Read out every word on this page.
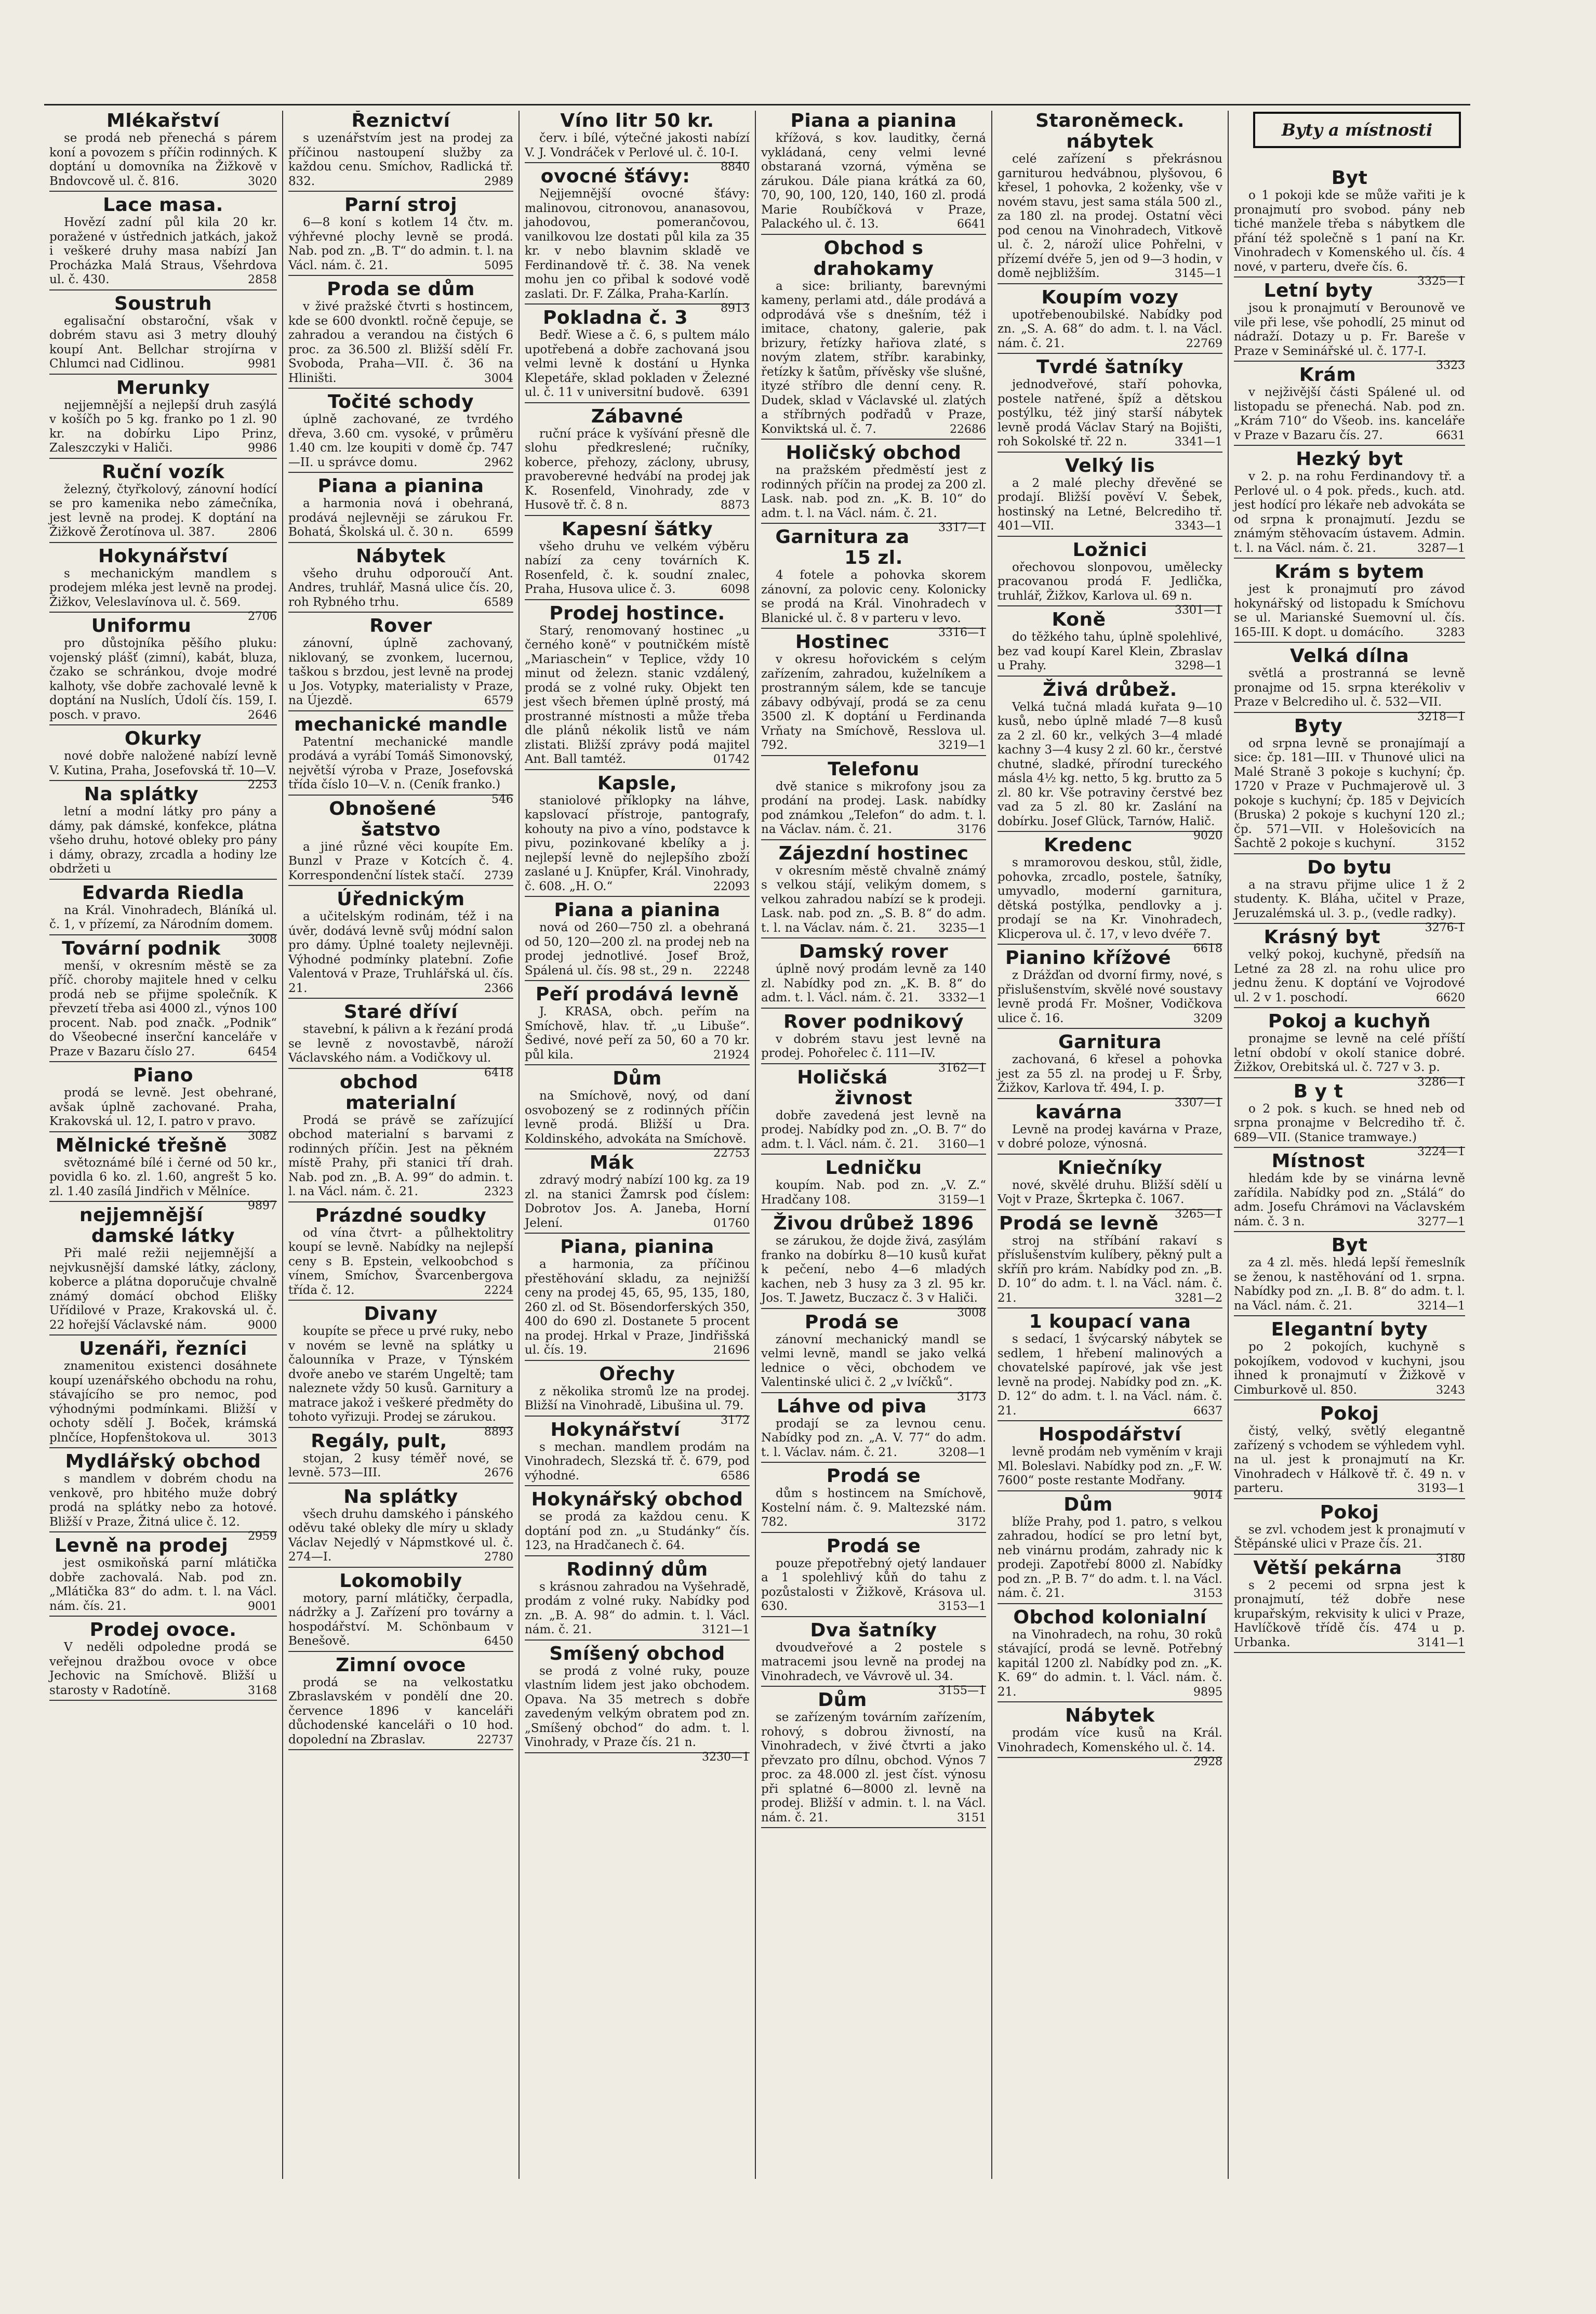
Mlékařství

se prodá neb přenechá s párem koní a povozem s příčin rodinných. K doptání u domovníka na Žižkově v Bndovcově ul. č. 816.	3020

Lace masa.

Hovězí zadní půl kila 20 kr. poražené v ústřednich jatkách, jakož i veškeré druhy masa nabízí Jan Procházka Malá Straus, Všehrdova ul. č. 430.	2858

Soustruh

egalisační obstaroční, však v dobrém stavu asi 3 metry dlouhý koupí Ant. Bellchar strojírna v Chlumci nad Cidlinou.	9981

Merunky

nejjemnější a nejlepší druh zasýlá v košíčh po 5 kg. franko po 1 zl. 90 kr. na dobírku Lipo Prinz, Zaleszczyki v Haliči.	9986

Ruční vozík

železný, čtyřkolový, zánovní hodící se pro kamenika nebo zámečníka, jest levně na prodej. K doptání na Žižkově Žerotínova ul. 387.	2806

Hokynářství

s mechanickým mandlem s prodejem mléka jest levně na prodej. Žižkov, Veleslavínova ul. č. 569.
2706

Uniformu

pro důstojníka pěšího pluku: vojenský plášť (zimní), kabát, bluza, čzako se schránkou, dvoje modré kalhoty, vše dobře zachovalé levně k doptání na Nuslích, Údolí čís. 159, I. posch. v pravo.	2646

Okurky

nové dobře naložené nabízí levně V. Kutina, Praha, Josefovská tř. 10—V.
2253

Na splátky

letní a modní látky pro pány a dámy, pak dámské, konfekce, plátna všeho druhu, hotové obleky pro pány i dámy, obrazy, zrcadla a hodiny lze obdržeti u

Edvarda Riedla

na Král. Vinohradech, Bláníká ul. č. 1, v přízemí, za Národním domem.
3008

Tovární podnik

menší, v okresním městě se za příč. choroby majitele hned v celku prodá neb se přijme společník. K převzetí třeba asi 4000 zl., výnos 100 procent. Nab. pod značk. „Podnik“ do Všeobecné inserční kanceláře v Praze v Bazaru číslo 27.	6454

Piano

prodá se levně. Jest obehrané, avšak úplně zachované. Praha, Krakovská ul. 12, I. patro v pravo.
3082

Mělnické třešně

světoznámé bílé i černé od 50 kr., povidla 6 ko. zl. 1.60, angrešt 5 ko. zl. 1.40 zasílá Jindřich v Mělníce.
9897

nejjemnější damské látky

Při malé režii nejjemnější a nejvkusnější damské látky, záclony, koberce a plátna doporučuje chvalně známý domácí obchod Elišky Uřídilové v Praze, Krakovská ul. č. 22 hořejší Václavské nám.	9000

Uzenáři, řezníci

znamenitou existenci dosáhnete koupí uzenářského obchodu na rohu, stávajícího se pro nemoc, pod výhodnými podmínkami. Bližší v ochoty sdělí J. Boček, krámská plnčíce, Hopfenštokova ul.	3013

Mydlářský obchod

s mandlem v dobrém chodu na venkově, pro hbitého muže dobrý prodá na splátky nebo za hotové. Bližší v Praze, Žitná ulice č. 12.
2959

Levně na prodej

jest osmikoňská parní mlátička dobře zachovalá. Nab. pod zn. „Mlátička 83“ do adm. t. l. na Václ. nám. čís. 21.	9001

Prodej ovoce.

V neděli odpoledne prodá se veřejnou dražbou ovoce v obce Jechovic na Smíchově. Bližší u starosty v Radotíně.	3168

Řeznictví

s uzenářstvím jest na prodej za příčinou nastoupení služby za každou cenu. Smíchov, Radlická tř. 832.	2989

Parní stroj

6—8 koní s kotlem 14 čtv. m. výhřevné plochy levně se prodá. Nab. pod zn. „B. T“ do admin. t. l. na Václ. nám. č. 21.	5095

Proda se dům

v živé pražské čtvrti s hostincem, kde se 600 dvonktl. ročně čepuje, se zahradou a verandou na čistých 6 proc. za 36.500 zl. Bližší sdělí Fr. Svoboda, Praha—VII. č. 36 na Hliništi.	3004

Točité schody

úplně zachované, ze tvrdého dřeva, 3.60 cm. vysoké, v průměru 1.40 cm. lze koupiti v domě čp. 747—II. u správce domu.	2962

Piana a pianina

a harmonia nová i obehraná, prodává nejlevněji se zárukou Fr. Bohatá, Školská ul. č. 30 n.	6599

Nábytek

všeho druhu odporoučí Ant. Andres, truhlář, Masná ulice čís. 20, roh Rybného trhu.	6589

Rover

zánovní, úplně zachovaný, niklovaný, se zvonkem, lucernou, taškou s brzdou, jest levně na prodej u Jos. Votypky, materialisty v Praze, na Újezdě.	6579

mechanické mandle

Patentní mechanické mandle prodává a vyrábí Tomáš Simonovský, největší výroba v Praze, Josefovská třída číslo 10—V. n. (Ceník franko.)
546

Obnošené šatstvo

a jiné různé věci koupíte Em. Bunzl v Praze v Kotcích č. 4. Korrespondenční lístek stačí.	2739

Úřednickým

a učitelským rodinám, též i na úvěr, dodává levně svůj módní salon pro dámy. Úplné toalety nejlevněji. Výhodné podmínky platební. Zofie Valentová v Praze, Truhlářská ul. čís. 21.	2366

Staré dříví

stavební, k pálivn a k řezání prodá se levně z novostavbě, nároží Václavského nám. a Vodičkovy ul.
6418

obchod materialní

Prodá se právě se zařízující obchod materialní s barvami z rodinných příčin. Jest na pěkném místě Prahy, při stanici tří drah. Nab. pod zn. „B. A. 99“ do admin. t. l. na Václ. nám. č. 21.	2323

Prázdné soudky

od vína čtvrt- a půlhektolitry koupí se levně. Nabídky na nejlepší ceny s B. Epstein, velkoobchod s vínem, Smíchov, Švarcenbergova třída č. 12.	2224

Divany

koupíte se přece u prvé ruky, nebo v novém se levně na splátky u čalounníka v Praze, v Týnském dvoře anebo ve starém Ungeltě; tam naleznete vždy 50 kusů. Garnitury a matrace jakož i veškeré předměty do tohoto vyřizuji. Prodej se zárukou.
8893

Regály, pult,

stojan, 2 kusy téměř nové, se levně. 573—III.	2676

Na splátky

všech druhu damského i pánského oděvu také obleky dle míry u sklady Václav Nejedlý v Nápmstkové ul. č. 274—I.	2780

Lokomobily

motory, parní mlátičky, čerpadla, nádržky a J. Zařízení pro továrny a hospodářství. M. Schönbaum v Benešově.	6450

Zimní ovoce

prodá se na velkostatku Zbraslavském v pondělí dne 20. července 1896 v kanceláři důchodenské kanceláři o 10 hod. dopolední na Zbraslav.	22737

Víno litr 50 kr.

červ. i bílé, výtečné jakosti nabízí V. J. Vondráček v Perlové ul. č. 10-I.
8840

ovocné šťávy:

Nejjemnější ovocné šťávy: malinovou, citronovou, ananasovou, jahodovou, pomerančovou, vanilkovou lze dostati půl kila za 35 kr. v nebo blavnim skladě ve Ferdinandově tř. č. 38. Na venek mohu jen co přibal k sodové vodě zaslati. Dr. F. Zálka, Praha-Karlín.
8913

Pokladna č. 3

Bedř. Wiese a č. 6, s pultem málo upotřebená a dobře zachovaná jsou velmi levně k dostání u Hynka Klepetáře, sklad pokladen v Železné ul. č. 11 v universitní budově.	6391

Zábavné

ruční práce k vyšívání přesně dle slohu předkreslené; ručníky, koberce, přehozy, záclony, ubrusy, pravoberevné hedvábí na prodej jak K. Rosenfeld, Vinohrady, zde v Husově tř. č. 8 n.	8873

Kapesní šátky

všeho druhu ve velkém výběru nabízí za ceny továrních K. Rosenfeld, č. k. soudní znalec, Praha, Husova ulice č. 3.	6098

Prodej hostince.

Starý, renomovaný hostinec „u černého koně“ v poutničkém místě „Mariaschein“ v Teplice, vždy 10 minut od železn. stanic vzdálený, prodá se z volné ruky. Objekt ten jest všech břemen úplně prostý, má prostranné místnosti a může třeba dle plánů nékolik listů ve nám zlistati. Bližší zprávy podá majitel Ant. Ball tamtéž.	01742

Kapsle,

staniolové příklopky na láhve, kapslovací přístroje, pantografy, kohouty na pivo a víno, podstavce k pivu, pozinkované kbelíky a j. nejlepší levně do nejlepšího zboží zaslané u J. Knüpfer, Král. Vinohrady, č. 608. „H. O.“	22093

Piana a pianina

nová od 260—750 zl. a obehraná od 50, 120—200 zl. na prodej neb na prodej jednotlivé. Josef Brož, Spálená ul. čís. 98 st., 29 n.	22248

Peří prodává levně

J. KRASA, obch. peřím na Smíchově, hlav. tř. „u Libuše“. Šedivé, nové peří za 50, 60 a 70 kr. půl kila.	21924

Dům

na Smíchově, nový, od daní osvobozený se z rodinných příčin levně prodá. Bližší u Dra. Koldinského, advokáta na Smíchově.
22753

Mák

zdravý modrý nabízí 100 kg. za 19 zl. na stanici Žamrsk pod číslem: Dobrotov Jos. A. Janeba, Horní Jelení.	01760

Piana, pianina

a harmonia, za příčinou přestěhování skladu, za nejnižší ceny na prodej 45, 65, 95, 135, 180, 260 zl. od St. Bösendorferských 350, 400 do 690 zl. Dostanete 5 procent na prodej. Hrkal v Praze, Jindřišská ul. čís. 19.	21696

Ořechy

z několika stromů lze na prodej. Bližší na Vinohradě, Libušina ul. 79.
3172

Hokynářství

s mechan. mandlem prodám na Vinohradech, Slezská tř. č. 679, pod výhodné.	6586

Hokynářský obchod

se prodá za každou cenu. K doptání pod zn. „u Studánky“ čís. 123, na Hradčanech č. 64.

Rodinný dům

s krásnou zahradou na Vyšehradě, prodám z volné ruky. Nabídky pod zn. „B. A. 98“ do admin. t. l. Václ. nám. č. 21.	3121—1

Smíšený obchod

se prodá z volné ruky, pouze vlastním lidem jest jako obchodem. Opava. Na 35 metrech s dobře zavedeným velkým obratem pod zn. „Smíšený obchod“ do adm. t. l. Vinohrady, v Praze čís. 21 n.
3230—1

Piana a pianina

křížová, s kov. lauditky, černá vykládaná, ceny velmi levné obstaraná vzorná, výměna se zárukou. Dále piana krátká za 60, 70, 90, 100, 120, 140, 160 zl. prodá Marie Roubíčková v Praze, Palackého ul. č. 13.	6641

Obchod s drahokamy

a sice: brilianty, barevnými kameny, perlami atd., dále prodává a odprodává vše s dnešním, též i imitace, chatony, galerie, pak brizury, řetízky hařiova zlaté, s novým zlatem, stříbr. karabinky, řetízky k šatům, přívěsky vše slušné, ityzé stříbro dle denní ceny. R. Dudek, sklad v Václavské ul. zlatých a stříbrných podřadů v Praze, Konviktská ul. č. 7.	22686

Holičský obchod

na pražském předměstí jest z rodinných příčin na prodej za 200 zl. Lask. nab. pod zn. „K. B. 10“ do adm. t. l. na Václ. nám. č. 21.
3317—1

Garnitura za 15 zl.

4 fotele a pohovka skorem zánovní, za polovic ceny. Kolonicky se prodá na Král. Vinohradech v Blanické ul. č. 8 v parteru v levo.
3316—1

Hostinec

v okresu hořovickém s celým zařízením, zahradou, kuželníkem a prostranným sálem, kde se tancuje zábavy odbývají, prodá se za cenu 3500 zl. K doptání u Ferdinanda Vrňaty na Smíchově, Resslova ul. 792.	3219—1

Telefonu

dvě stanice s mikrofony jsou za prodání na prodej. Lask. nabídky pod známkou „Telefon“ do adm. t. l. na Václav. nám. č. 21.	3176

Zájezdní hostinec

v okresním městě chvalně známý s velkou stájí, velikým domem, s velkou zahradou nabízí se k prodeji. Lask. nab. pod zn. „S. B. 8“ do adm. t. l. na Václav. nám. č. 21.	3235—1

Damský rover

úplně nový prodám levně za 140 zl. Nabídky pod zn. „K. B. 8“ do adm. t. l. Václ. nám. č. 21.	3332—1

Rover podnikový

v dobrém stavu jest levně na prodej. Pohořelec č. 111—IV.
3162—1

Holičská živnost

dobře zavedená jest levně na prodej. Nabídky pod zn. „O. B. 7“ do adm. t. l. Václ. nám. č. 21.	3160—1

Ledničku

koupím. Nab. pod zn. „V. Z.“ Hradčany 108.	3159—1

Živou drůbež 1896

se zárukou, že dojde živá, zasýlám franko na dobírku 8—10 kusů kuřat k pečení, nebo 4—6 mladých kachen, neb 3 husy za 3 zl. 95 kr. Jos. T. Jawetz, Buczacz č. 3 v Haliči.
3008

Prodá se

zánovní mechanický mandl se velmi levně, mandl se jako velká lednice o věci, obchodem ve Valentinské ulici č. 2 „v lvíčků“.
3173

Láhve od piva

prodají se za levnou cenu. Nabídky pod zn. „A. V. 77“ do adm. t. l. Václav. nám. č. 21.	3208—1

Prodá se

dům s hostincem na Smíchově, Kostelní nám. č. 9. Maltezské nám. 782.	3172

Prodá se

pouze přepotřebný ojetý landauer a 1 spolehlivý kůň do tahu z pozůstalosti v Žižkově, Krásova ul. 630.	3153—1

Dva šatníky

dvoudveřové a 2 postele s matracemi jsou levně na prodej na Vinohradech, ve Vávrově ul. 34.
3155—1

Dům

se zařízeným továrním zařízením, rohový, s dobrou živností, na Vinohradech, v živé čtvrti a jako převzato pro dílnu, obchod. Výnos 7 proc. za 48.000 zl. jest číst. výnosu při splatné 6—8000 zl. levně na prodej. Bližší v admin. t. l. na Václ. nám. č. 21.	3151

Staroněmeck. nábytek

celé zařízení s překrásnou garniturou hedvábnou, plyšovou, 6 křesel, 1 pohovka, 2 koženky, vše v novém stavu, jest sama stála 500 zl., za 180 zl. na prodej. Ostatní věci pod cenou na Vinohradech, Vitkově ul. č. 2, nároží ulice Pohřelni, v přízemí dvéře 5, jen od 9—3 hodin, v domě nejbližším.	3145—1

Koupím vozy

upotřebenoubilské. Nabídky pod zn. „S. A. 68“ do adm. t. l. na Václ. nám. č. 21.	22769

Tvrdé šatníky

jednodveřové, staří pohovka, postele natřené, špíž a dětskou postýlku, též jiný starší nábytek levně prodá Václav Starý na Bojišti, roh Sokolské tř. 22 n.	3341—1

Velký lis

a 2 malé plechy dřevěné se prodají. Bližší pověví V. Šebek, hostinský na Letné, Belcrediho tř. 401—VII.	3343—1

Ložnici

ořechovou slonpovou, umělecky pracovanou prodá F. Jedlička, truhlář, Žižkov, Karlova ul. 69 n.
3301—1

Koně

do těžkého tahu, úplně spolehlivé, bez vad koupí Karel Klein, Zbraslav u Prahy.	3298—1

Živá drůbež.

Velká tučná mladá kuřata 9—10 kusů, nebo úplně mladé 7—8 kusů za 2 zl. 60 kr., velkých 3—4 mladé kachny 3—4 kusy 2 zl. 60 kr., čerstvé chutné, sladké, přírodní tureckého másla 4½ kg. netto, 5 kg. brutto za 5 zl. 80 kr. Vše potraviny čerstvé bez vad za 5 zl. 80 kr. Zaslání na dobírku. Josef Glück, Tarnów, Halič.
9020

Kredenc

s mramorovou deskou, stůl, židle, pohovka, zrcadlo, postele, šatníky, umyvadlo, moderní garnitura, dětská postýlka, pendlovky a j. prodají se na Kr. Vinohradech, Klicperova ul. č. 17, v levo dvéře 7.
6618

Pianino křížové

z Drážďan od dvorní firmy, nové, s přislušenstvím, skvělé nové soustavy levně prodá Fr. Mošner, Vodičkova ulice č. 16.	3209

Garnitura

zachovaná, 6 křesel a pohovka jest za 55 zl. na prodej u F. Šrby, Žižkov, Karlova tř. 494, I. p.
3307—1

kavárna

Levně na prodej kavárna v Praze, v dobré poloze, výnosná.

Kniečníky

nové, skvělé druhu. Bližší sdělí u Vojt v Praze, Škrtepka č. 1067.
3265—1

Prodá se levně

stroj na stříbání rakaví s příslušenstvím kulíbery, pěkný pult a skříň pro krám. Nabídky pod zn. „B. D. 10“ do adm. t. l. na Václ. nám. č. 21.	3281—2

1 koupací vana

s sedací, 1 švýcarský nábytek se sedlem, 1 hřebení malinových a chovatelské papírové, jak vše jest levně na prodej. Nabídky pod zn. „K. D. 12“ do adm. t. l. na Václ. nám. č. 21.	6637

Hospodářství

levně prodám neb vyměním v kraji Ml. Boleslavi. Nabídky pod zn. „F. W. 7600“ poste restante Modřany.
9014

Dům

blíže Prahy, pod 1. patro, s velkou zahradou, hodící se pro letní byt, neb vinárnu prodám, zahrady nic k prodeji. Zapotřebí 8000 zl. Nabídky pod zn. „P. B. 7“ do adm. t. l. na Václ. nám. č. 21.	3153

Obchod kolonialní

na Vinohradech, na rohu, 30 roků stávající, prodá se levně. Potřebný kapitál 1200 zl. Nabídky pod zn. „K. K. 69“ do admin. t. l. Václ. nám. č. 21.	9895

Nábytek

prodám více kusů na Král. Vinohradech, Komenského ul. č. 14.
2928

Byt

o 1 pokoji kde se může vařiti je k pronajmutí pro svobod. pány neb tiché manžele třeba s nábytkem dle přání též společně s 1 paní na Kr. Vinohradech v Komenského ul. čís. 4 nové, v parteru, dveře čís. 6.
3325—1

Letní byty

jsou k pronajmutí v Berounově ve vile při lese, vše pohodlí, 25 minut od nádraží. Dotazy u p. Fr. Bareše v Praze v Seminářské ul. č. 177-I.
3323

Krám

v nejživější části Spálené ul. od listopadu se přenechá. Nab. pod zn. „Krám 710“ do Všeob. ins. kanceláře v Praze v Bazaru čís. 27.	6631

Hezký byt

v 2. p. na rohu Ferdinandovy tř. a Perlové ul. o 4 pok. předs., kuch. atd. jest hodící pro lékaře neb advokáta se od srpna k pronajmutí. Jezdu se známým stěhovacím ústavem. Admin. t. l. na Václ. nám. č. 21.	3287—1

Krám s bytem

jest k pronajmutí pro závod hokynářský od listopadu k Smíchovu se ul. Marianské Suemovní ul. čís. 165-III. K dopt. u domácího.	3283

Velká dílna

světlá a prostranná se levně pronajme od 15. srpna kterékoliv v Praze v Belcrediho ul. č. 532—VII.
3218—1

Byty

od srpna levně se pronajímají a sice: čp. 181—III. v Thunové ulici na Malé Straně 3 pokoje s kuchyní; čp. 1720 v Praze v Puchmajerově ul. 3 pokoje s kuchyní; čp. 185 v Dejvicích (Bruska) 2 pokoje s kuchyní 120 zl.; čp. 571—VII. v Holešovicích na Šachtě 2 pokoje s kuchyní.	3152

Do bytu

a na stravu přijme ulice 1 ž 2 studenty. K. Bláha, učitel v Praze, Jeruzalémská ul. 3. p., (vedle radky).
3276-1

Krásný byt

velký pokoj, kuchyně, předsíň na Letné za 28 zl. na rohu ulice pro jednu ženu. K doptání ve Vojrodové ul. 2 v 1. poschodí.	6620

Pokoj a kuchyň

pronajme se levně na celé příští letní období v okolí stanice dobré. Žižkov, Orebitská ul. č. 727 v 3. p.
3286—1

B y t

o 2 pok. s kuch. se hned neb od srpna pronajme v Belcrediho tř. č. 689—VII. (Stanice tramwaye.)
3224—1

Místnost

hledám kde by se vinárna levně zařídila. Nabídky pod zn. „Stálá“ do adm. Josefu Chrámovi na Václavském nám. č. 3 n.	3277—1

Byt

za 4 zl. měs. hledá lepší řemeslník se ženou, k nastěhování od 1. srpna. Nabídky pod zn. „I. B. 8“ do adm. t. l. na Václ. nám. č. 21.	3214—1

Elegantní byty

po 2 pokojích, kuchyně s pokojíkem, vodovod v kuchyni, jsou ihned k pronajmutí v Žižkově v Cimburkově ul. 850.	3243

Pokoj

čistý, velký, světlý elegantně zařízený s vchodem se výhledem vyhl. na ul. jest k pronajmutí na Kr. Vinohradech v Hálkově tř. č. 49 n. v parteru.	3193—1

Pokoj

se zvl. vchodem jest k pronajmutí v Štěpánské ulici v Praze čís. 21.
3180

Větší pekárna

s 2 pecemi od srpna jest k pronajmutí, též dobře nese krupařským, rekvisity k ulici v Praze, Havlíčkově třídě čís. 474 u p. Urbanka.	3141—1

Byty a místnosti
